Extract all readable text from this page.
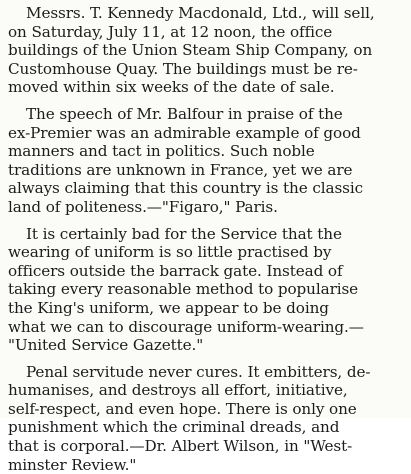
Messrs. T. Kennedy Macdonald, Ltd., will sell,
on Saturday, July 11, at 12 noon, the office
buildings of the Union Steam Ship Company, on
Customhouse Quay. The buildings must be re-
moved within six weeks of the date of sale.

The speech of Mr. Balfour in praise of the
ex-Premier was an admirable example of good
manners and tact in politics. Such noble
traditions are unknown in France, yet we are
always claiming that this country is the classic
land of politeness.—"Figaro," Paris.

It is certainly bad for the Service that the
wearing of uniform is so little practised by
officers outside the barrack gate. Instead of
taking every reasonable method to popularise
the King's uniform, we appear to be doing
what we can to discourage uniform-wearing.—
"United Service Gazette."

Penal servitude never cures. It embitters, de-
humanises, and destroys all effort, initiative,
self-respect, and even hope. There is only one
punishment which the criminal dreads, and
that is corporal.—Dr. Albert Wilson, in "West-
minster Review."
